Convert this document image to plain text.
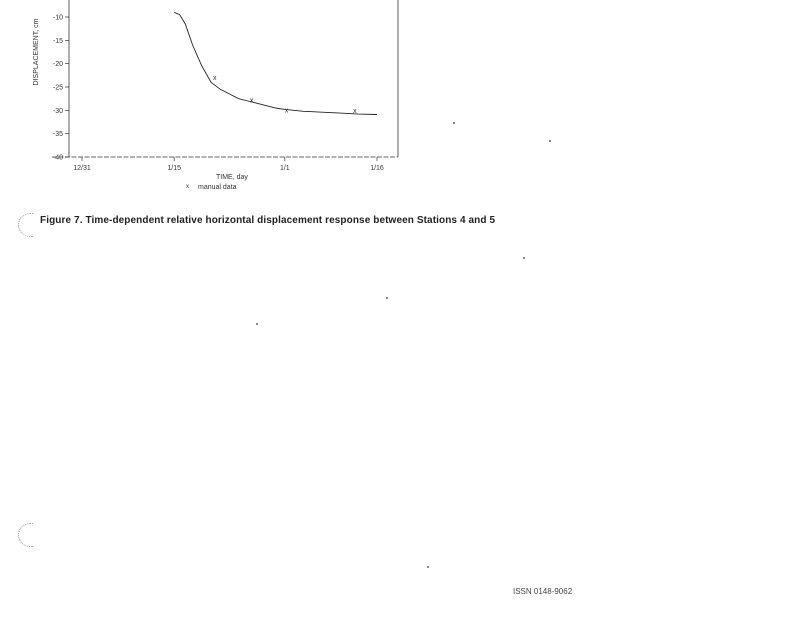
-10
-15
-20
-25
-30
-35
-40
12/31	1/15	1/1	1/16
x
x
x	x
DISPLACEMENT, cm
TIME, day
x manual data
Figure 7. Time-dependent relative horizontal displacement response between Stations 4 and 5
ISSN 0148-9062
